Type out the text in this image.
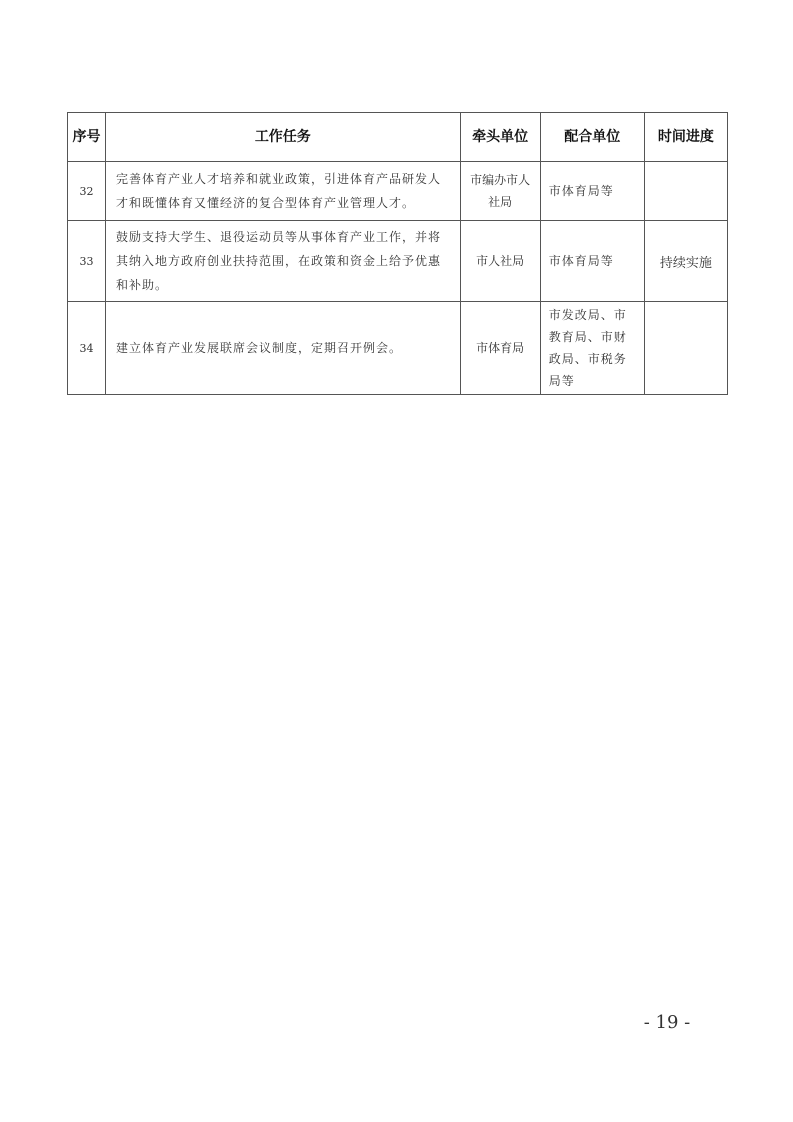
序号	工作任务	牵头单位	配合单位	时间进度
32	完善体育产业人才培养和就业政策，引进体育产品研发人才和既懂体育又懂经济的复合型体育产业管理人才。	市编办市人社局	市体育局等	
33	鼓励支持大学生、退役运动员等从事体育产业工作，并将其纳入地方政府创业扶持范围，在政策和资金上给予优惠和补助。	市人社局	市体育局等	持续实施
34	建立体育产业发展联席会议制度，定期召开例会。	市体育局	市发改局、市教育局、市财政局、市税务局等	
- 19 -
